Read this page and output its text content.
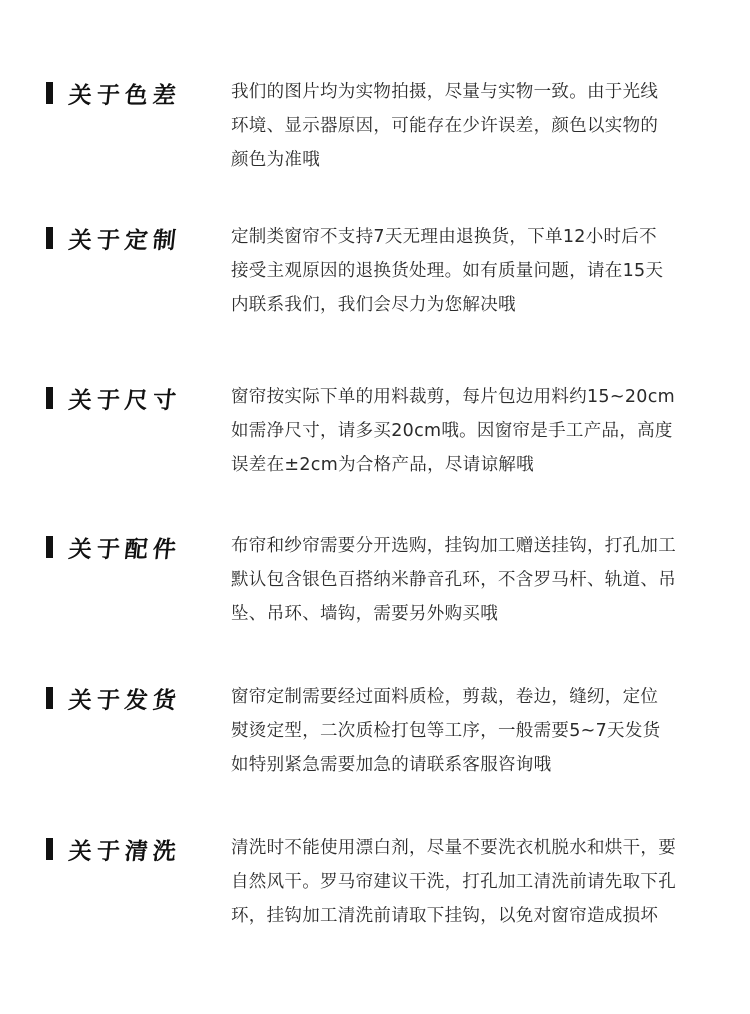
关于色差	我们的图片均为实物拍摄，尽量与实物一致。由于光线
环境、显示器原因，可能存在少许误差，颜色以实物的
颜色为准哦
关于定制	定制类窗帘不支持7天无理由退换货，下单12小时后不
接受主观原因的退换货处理。如有质量问题，请在15天
内联系我们，我们会尽力为您解决哦
关于尺寸	窗帘按实际下单的用料裁剪，每片包边用料约15~20cm
如需净尺寸，请多买20cm哦。因窗帘是手工产品，高度
误差在±2cm为合格产品，尽请谅解哦
关于配件	布帘和纱帘需要分开选购，挂钩加工赠送挂钩，打孔加工
默认包含银色百搭纳米静音孔环，不含罗马杆、轨道、吊
坠、吊环、墙钩，需要另外购买哦
关于发货	窗帘定制需要经过面料质检，剪裁，卷边，缝纫，定位
熨烫定型，二次质检打包等工序，一般需要5~7天发货
如特别紧急需要加急的请联系客服咨询哦
关于清洗	清洗时不能使用漂白剂，尽量不要洗衣机脱水和烘干，要
自然风干。罗马帘建议干洗，打孔加工清洗前请先取下孔
环，挂钩加工清洗前请取下挂钩，以免对窗帘造成损坏
